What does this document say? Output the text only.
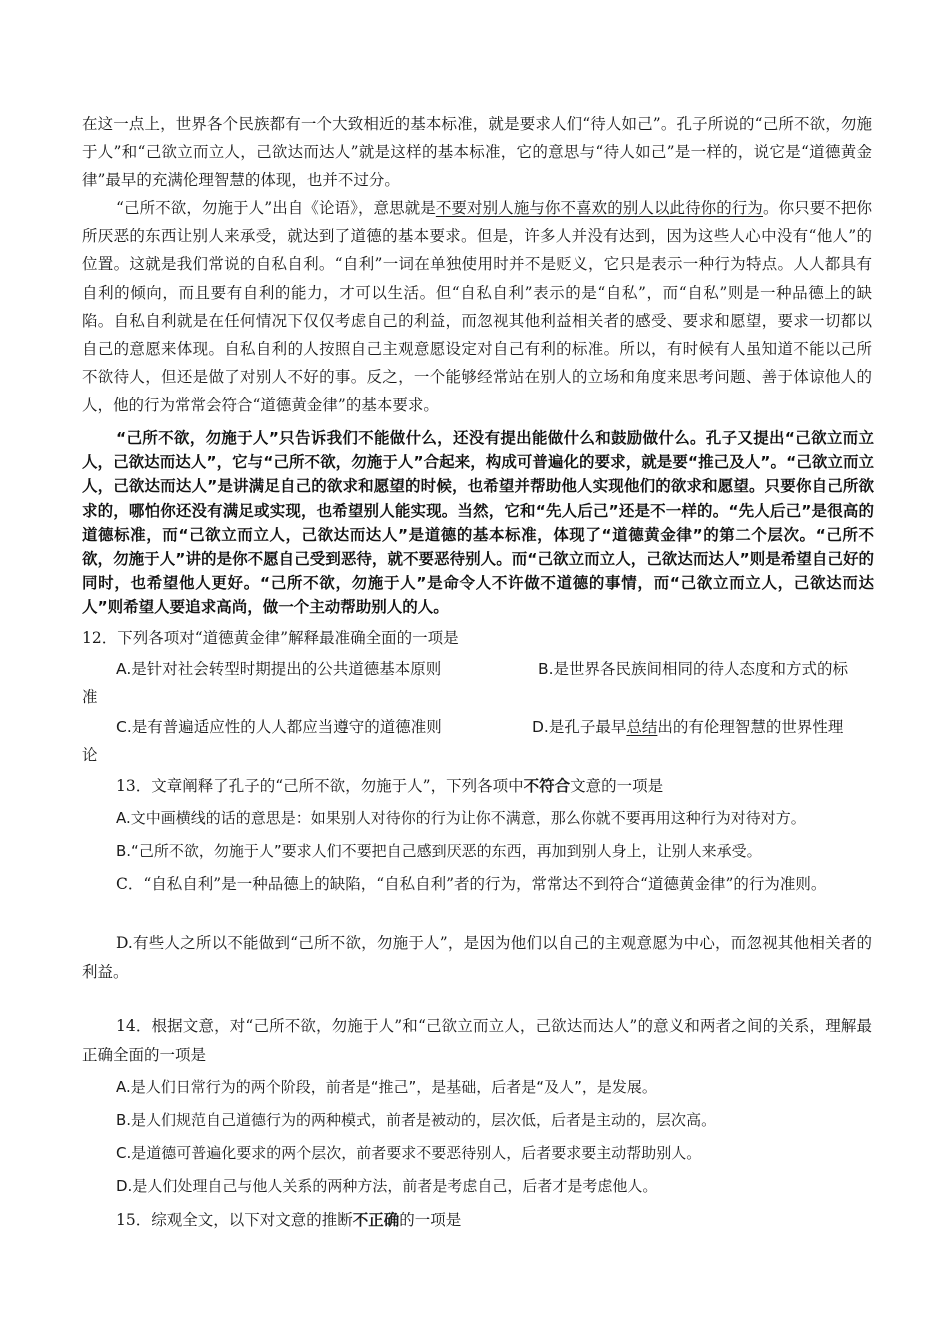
在这一点上，世界各个民族都有一个大致相近的基本标准，就是要求人们“待人如己”。孔子所说的“己所不欲，勿施于人”和“己欲立而立人，己欲达而达人”就是这样的基本标准，它的意思与“待人如己”是一样的，说它是“道德黄金律”最早的充满伦理智慧的体现，也并不过分。

“己所不欲，勿施于人”出自《论语》，意思就是不要对别人施与你不喜欢的别人以此待你的行为。你只要不把你所厌恶的东西让别人来承受，就达到了道德的基本要求。但是，许多人并没有达到，因为这些人心中没有“他人”的位置。这就是我们常说的自私自利。“自利”一词在单独使用时并不是贬义，它只是表示一种行为特点。人人都具有自利的倾向，而且要有自利的能力，才可以生活。但“自私自利”表示的是“自私”，而“自私”则是一种品德上的缺陷。自私自利就是在任何情况下仅仅考虑自己的利益，而忽视其他利益相关者的感受、要求和愿望，要求一切都以自己的意愿来体现。自私自利的人按照自己主观意愿设定对自己有利的标准。所以，有时候有人虽知道不能以己所不欲待人，但还是做了对别人不好的事。反之，一个能够经常站在别人的立场和角度来思考问题、善于体谅他人的人，他的行为常常会符合“道德黄金律”的基本要求。

“己所不欲，勿施于人”只告诉我们不能做什么，还没有提出能做什么和鼓励做什么。孔子又提出“己欲立而立人，己欲达而达人”，它与“己所不欲，勿施于人”合起来，构成可普遍化的要求，就是要“推己及人”。“己欲立而立人，己欲达而达人”是讲满足自己的欲求和愿望的时候，也希望并帮助他人实现他们的欲求和愿望。只要你自己所欲求的，哪怕你还没有满足或实现，也希望别人能实现。当然，它和“先人后己”还是不一样的。“先人后己”是很高的道德标准，而“己欲立而立人，己欲达而达人”是道德的基本标准，体现了“道德黄金律”的第二个层次。“己所不欲，勿施于人”讲的是你不愿自己受到恶待，就不要恶待别人。而“己欲立而立人，己欲达而达人”则是希望自己好的同时，也希望他人更好。“己所不欲，勿施于人”是命令人不许做不道德的事情，而“己欲立而立人，己欲达而达人”则希望人要追求高尚，做一个主动帮助别人的人。

12．下列各项对“道德黄金律”解释最准确全面的一项是
A.是针对社会转型时期提出的公共道德基本原则	B.是世界各民族间相同的待人态度和方式的标
准
C.是有普遍适应性的人人都应当遵守的道德准则	D.是孔子最早总结出的有伦理智慧的世界性理
论
13．文章阐释了孔子的“己所不欲，勿施于人”，下列各项中不符合文意的一项是
A.文中画横线的话的意思是：如果别人对待你的行为让你不满意，那么你就不要再用这种行为对待对方。
B.“己所不欲，勿施于人”要求人们不要把自己感到厌恶的东西，再加到别人身上，让别人来承受。

C．“自私自利”是一种品德上的缺陷，“自私自利”者的行为，常常达不到符合“道德黄金律”的行为准则。

D.有些人之所以不能做到“己所不欲，勿施于人”，是因为他们以自己的主观意愿为中心，而忽视其他相关者的利益。

14．根据文意，对“己所不欲，勿施于人”和“己欲立而立人，己欲达而达人”的意义和两者之间的关系，理解最正确全面的一项是

A.是人们日常行为的两个阶段，前者是“推己”，是基础，后者是“及人”，是发展。
B.是人们规范自己道德行为的两种模式，前者是被动的，层次低，后者是主动的，层次高。
C.是道德可普遍化要求的两个层次，前者要求不要恶待别人，后者要求要主动帮助别人。
D.是人们处理自己与他人关系的两种方法，前者是考虑自己，后者才是考虑他人。
15．综观全文，以下对文意的推断不正确的一项是
